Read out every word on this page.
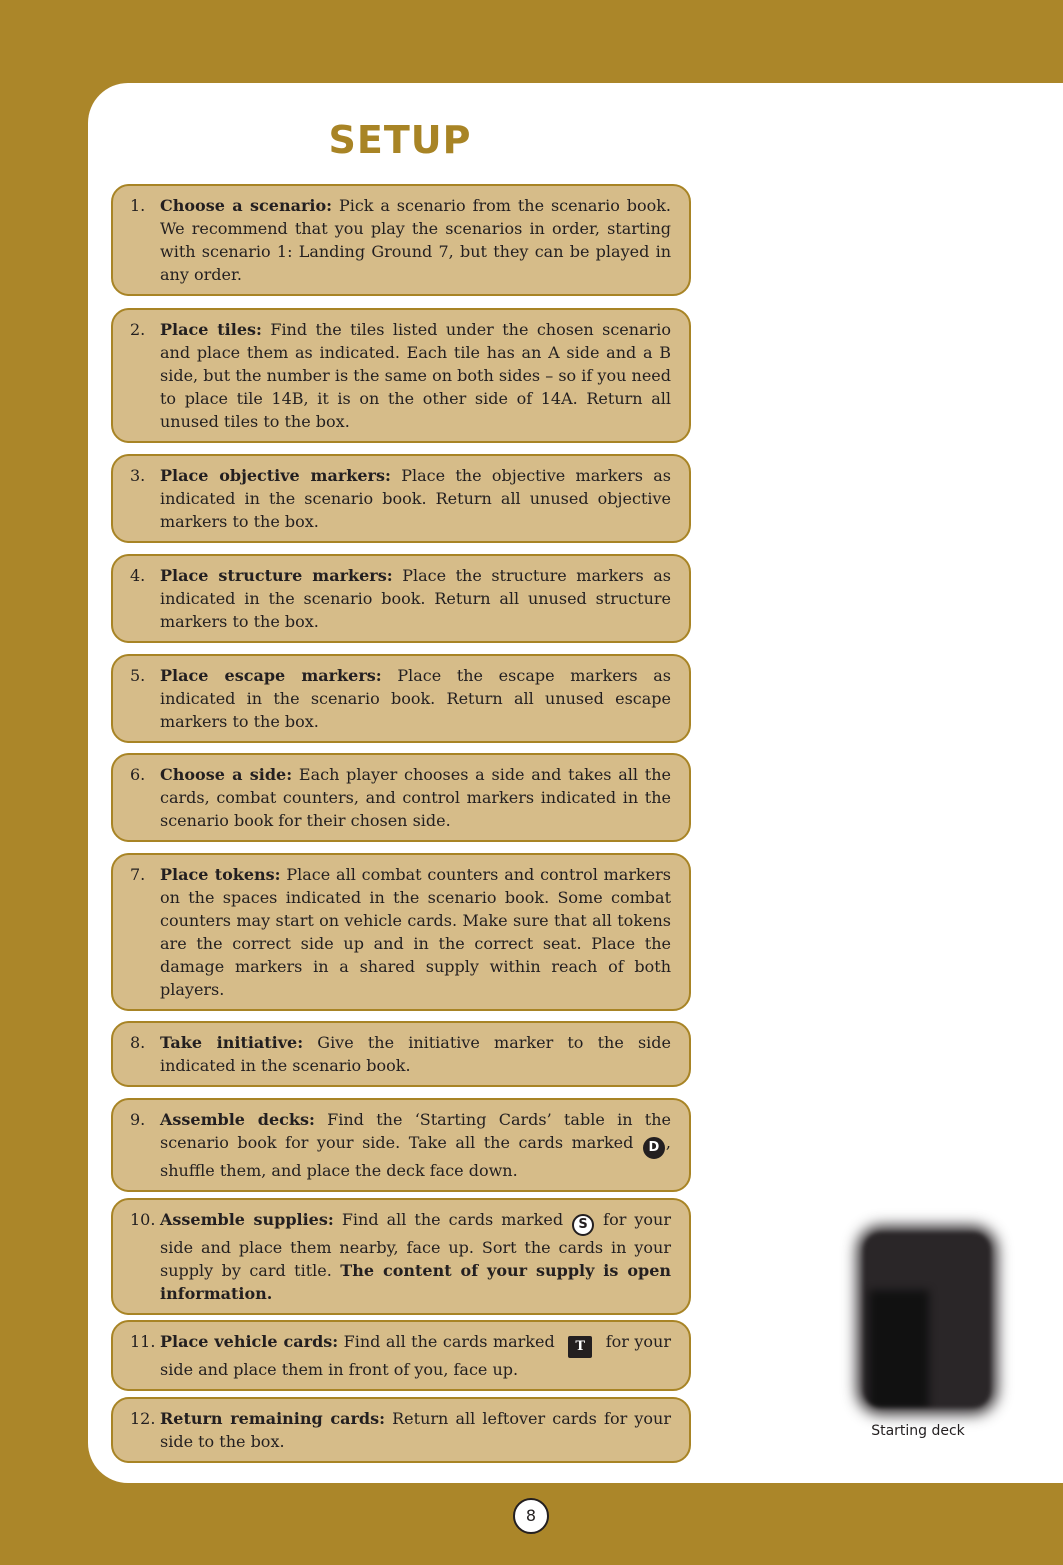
SETUP
1. Choose a scenario: Pick a scenario from the scenario book. We recommend that you play the scenarios in order, starting with scenario 1: Landing Ground 7, but they can be played in any order.

2. Place tiles: Find the tiles listed under the chosen scenario and place them as indicated. Each tile has an A side and a B side, but the number is the same on both sides – so if you need to place tile 14B, it is on the other side of 14A. Return all unused tiles to the box.

3. Place objective markers: Place the objective markers as indicated in the scenario book. Return all unused objective markers to the box.

4. Place structure markers: Place the structure markers as indicated in the scenario book. Return all unused structure markers to the box.

5. Place escape markers: Place the escape markers as indicated in the scenario book. Return all unused escape markers to the box.

6. Choose a side: Each player chooses a side and takes all the cards, combat counters, and control markers indicated in the scenario book for their chosen side.

7. Place tokens: Place all combat counters and control markers on the spaces indicated in the scenario book. Some combat counters may start on vehicle cards. Make sure that all tokens are the correct side up and in the correct seat. Place the damage markers in a shared supply within reach of both players.

8. Take initiative: Give the initiative marker to the side indicated in the scenario book.

9. Assemble decks: Find the ‘Starting Cards’ table in the scenario book for your side. Take all the cards marked D , shuffle them, and place the deck face down.

10. Assemble supplies: Find all the cards marked S for your side and place them nearby, face up. Sort the cards in your supply by card title. The content of your supply is open information.

11. Place vehicle cards: Find all the cards marked T for your side and place them in front of you, face up.

12. Return remaining cards: Return all leftover cards for your side to the box.

Starting deck
8
